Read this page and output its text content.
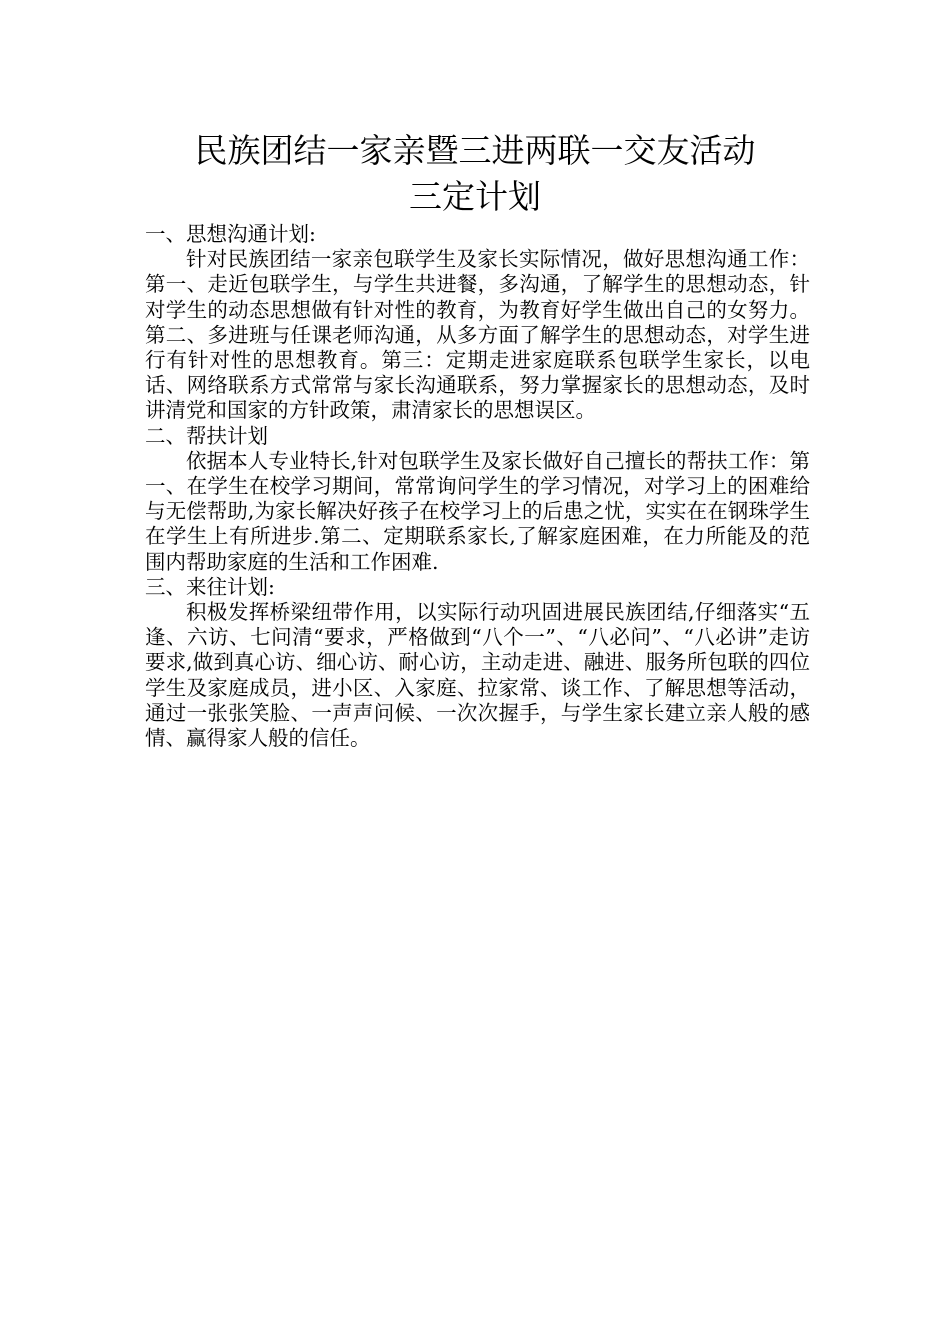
民族团结一家亲暨三进两联一交友活动
三定计划
一、思想沟通计划:

针对民族团结一家亲包联学生及家长实际情况，做好思想沟通工作：第一、走近包联学生，与学生共进餐，多沟通，了解学生的思想动态，针对学生的动态思想做有针对性的教育，为教育好学生做出自己的女努力。第二、多进班与任课老师沟通，从多方面了解学生的思想动态，对学生进行有针对性的思想教育。第三：定期走进家庭联系包联学生家长，以电话、网络联系方式常常与家长沟通联系，努力掌握家长的思想动态，及时讲清党和国家的方针政策，肃清家长的思想误区。

二、帮扶计划

依据本人专业特长,针对包联学生及家长做好自己擅长的帮扶工作：第一、在学生在校学习期间，常常询问学生的学习情况，对学习上的困难给与无偿帮助,为家长解决好孩子在校学习上的后患之忧，实实在在钢珠学生在学生上有所进步.第二、定期联系家长,了解家庭困难，在力所能及的范围内帮助家庭的生活和工作困难.

三、来往计划:

积极发挥桥梁纽带作用，以实际行动巩固进展民族团结,仔细落实“五逢、六访、七问清“要求，严格做到“八个一”、“八必问”、“八必讲”走访要求,做到真心访、细心访、耐心访，主动走进、融进、服务所包联的四位学生及家庭成员，进小区、入家庭、拉家常、谈工作、了解思想等活动，通过一张张笑脸、一声声问候、一次次握手，与学生家长建立亲人般的感情、赢得家人般的信任。
